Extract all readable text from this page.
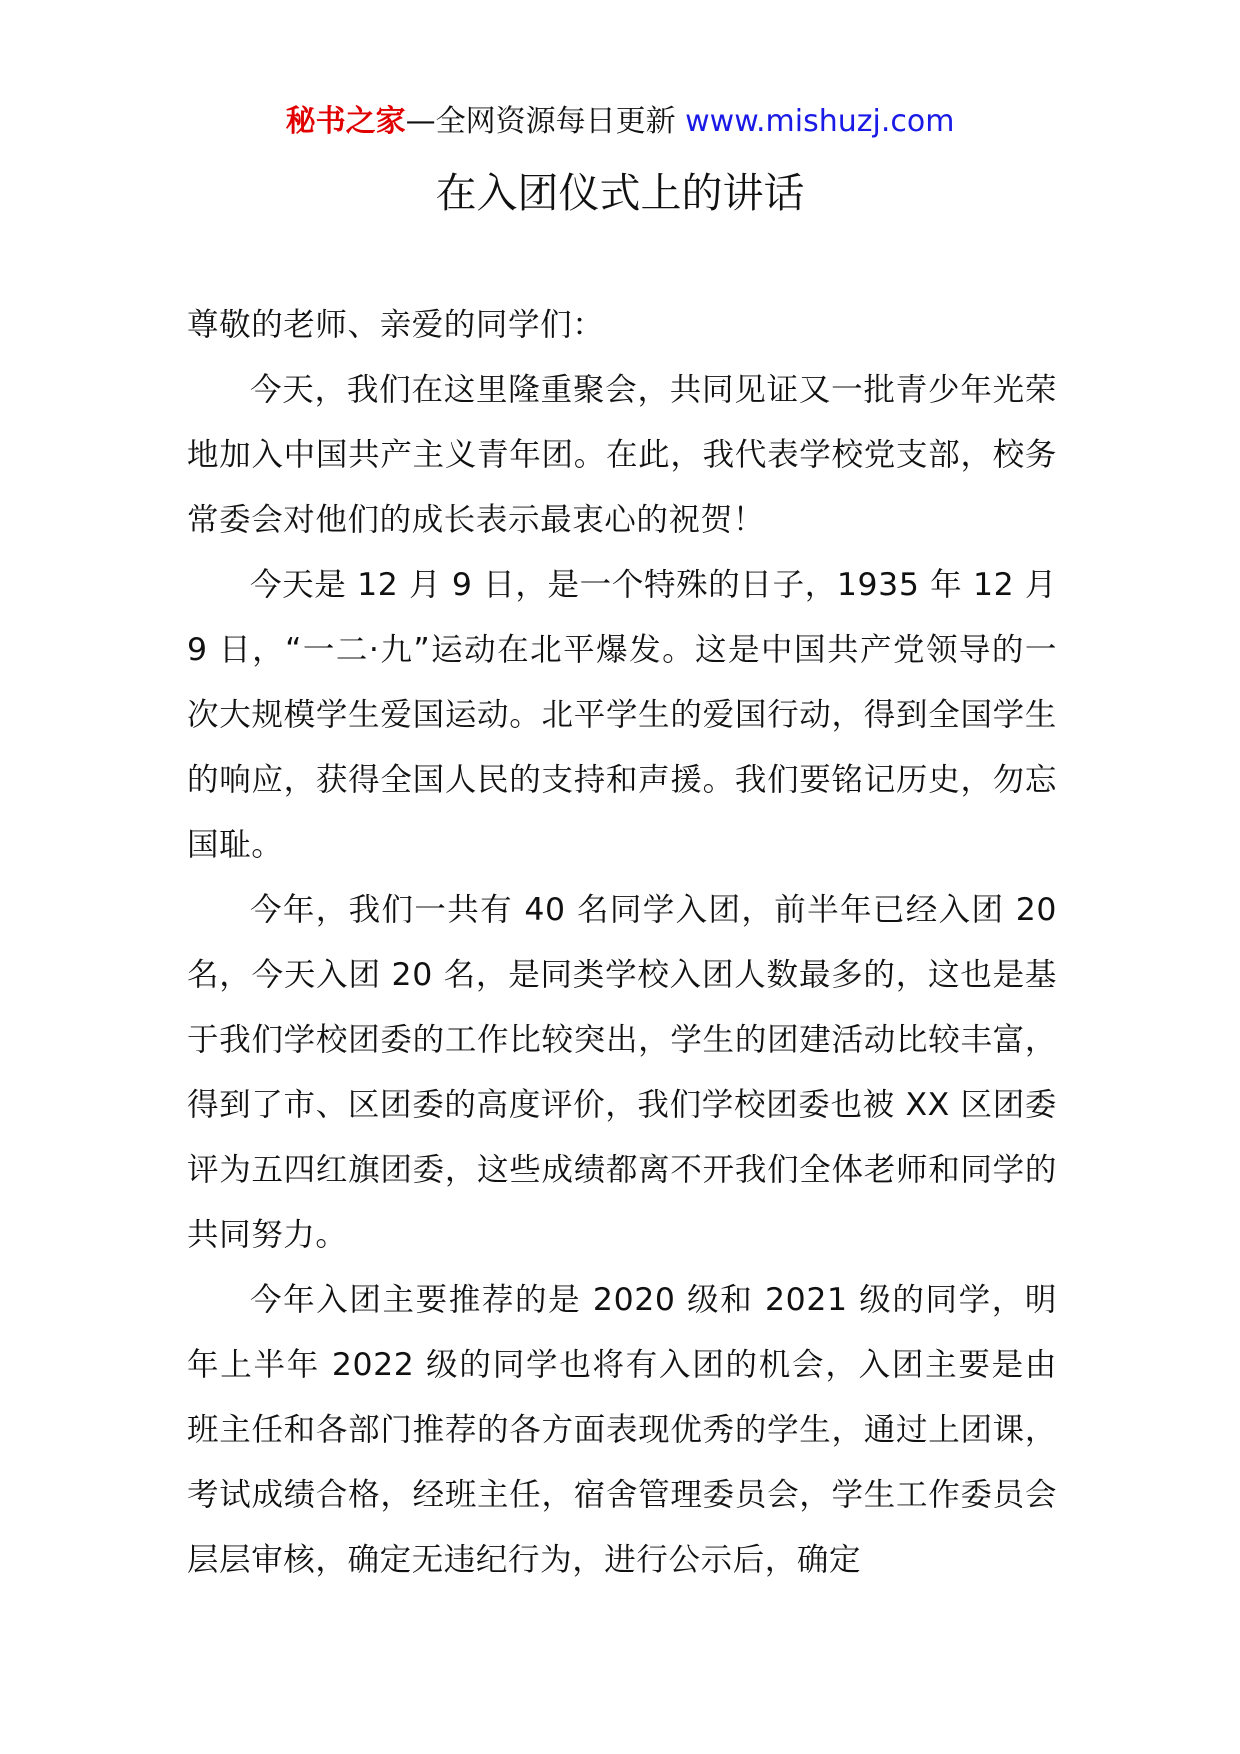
秘书之家—全网资源每日更新 www.mishuzj.com
在入团仪式上的讲话

尊敬的老师、亲爱的同学们：

今天，我们在这里隆重聚会，共同见证又一批青少年光荣地加入中国共产主义青年团。在此，我代表学校党支部，校务常委会对他们的成长表示最衷心的祝贺！

今天是 12 月 9 日，是一个特殊的日子，1935 年 12 月 9 日，“一二·九”运动在北平爆发。这是中国共产党领导的一次大规模学生爱国运动。北平学生的爱国行动，得到全国学生的响应，获得全国人民的支持和声援。我们要铭记历史，勿忘国耻。

今年，我们一共有 40 名同学入团，前半年已经入团 20 名，今天入团 20 名，是同类学校入团人数最多的，这也是基于我们学校团委的工作比较突出，学生的团建活动比较丰富，得到了市、区团委的高度评价，我们学校团委也被 XX 区团委评为五四红旗团委，这些成绩都离不开我们全体老师和同学的共同努力。

今年入团主要推荐的是 2020 级和 2021 级的同学，明年上半年 2022 级的同学也将有入团的机会，入团主要是由班主任和各部门推荐的各方面表现优秀的学生，通过上团课，考试成绩合格，经班主任，宿舍管理委员会，学生工作委员会层层审核，确定无违纪行为，进行公示后，确定
